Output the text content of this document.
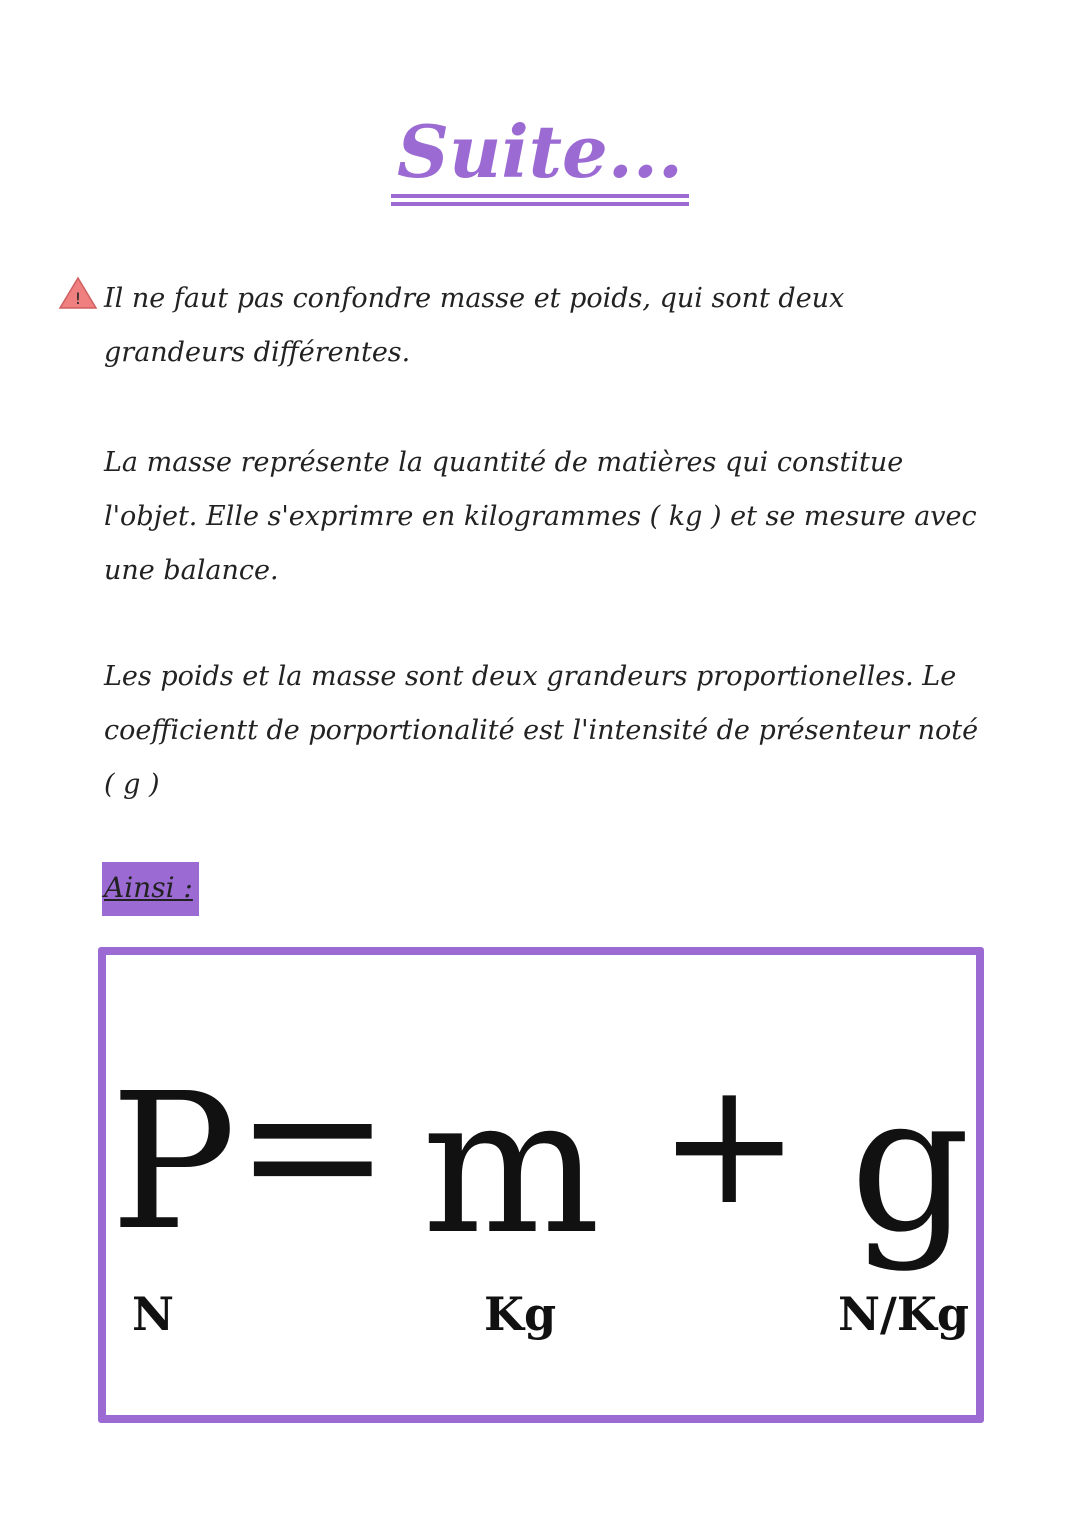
Suite...
! Il ne faut pas confondre masse et poids, qui sont deux grandeurs différentes.
La masse représente la quantité de matières qui constitue l'objet. Elle s'exprimre en kilogrammes ( kg ) et se mesure avec une balance.
Les poids et la masse sont deux grandeurs proportionelles. Le coefficientt de porportionalité est l'intensité de présenteur noté ( g )
Ainsi :
P
= m + g
N	Kg	N/Kg
